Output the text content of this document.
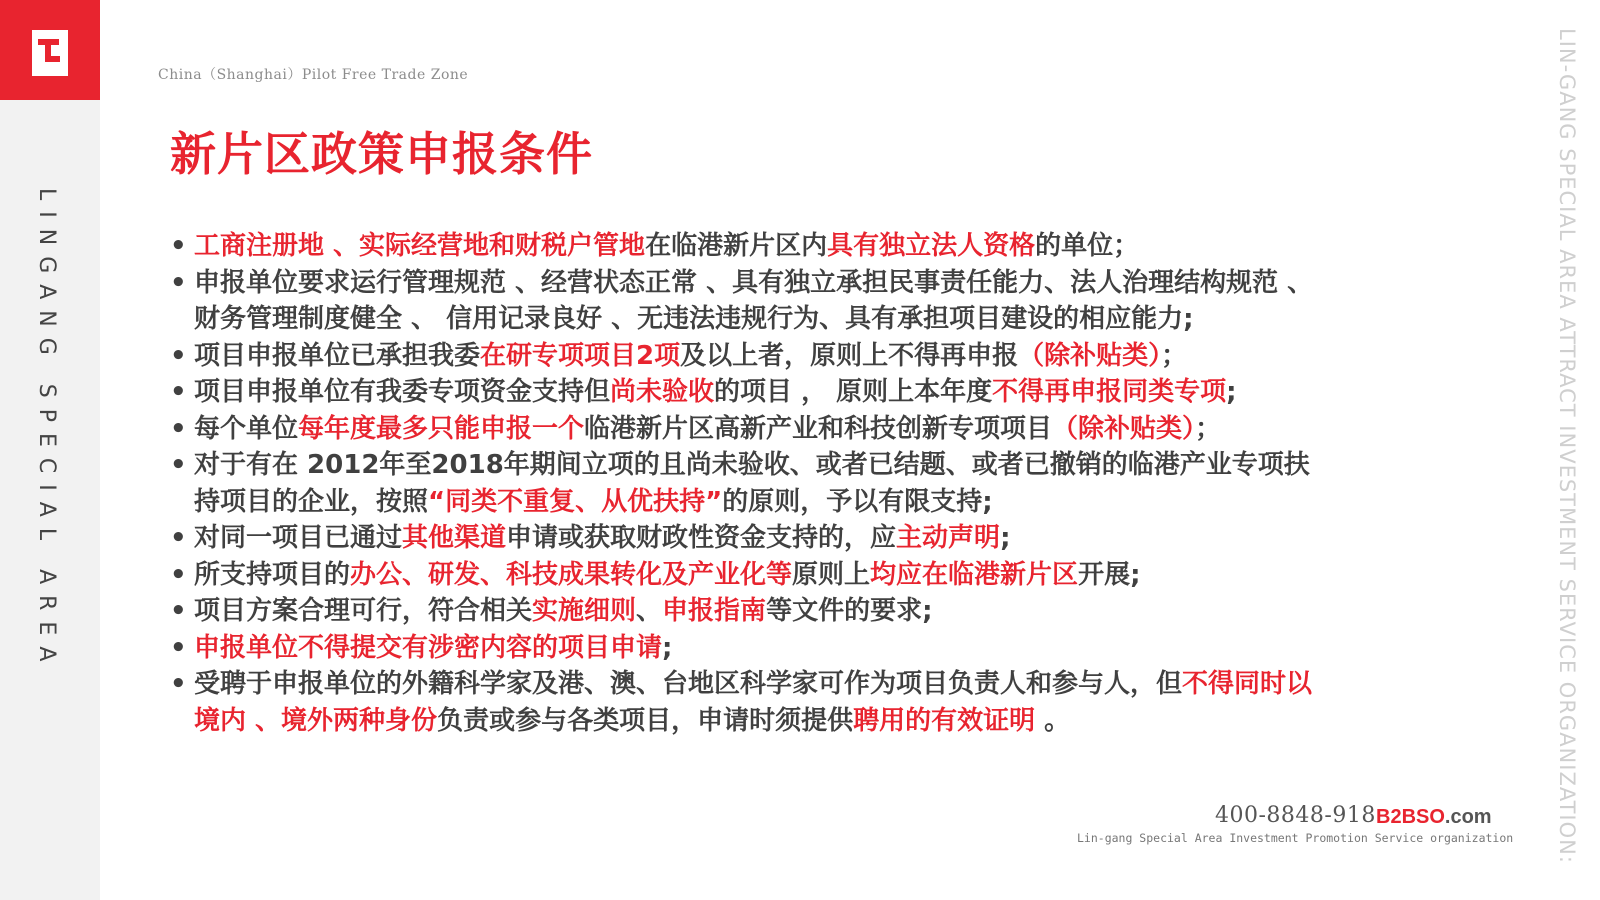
LINGANG SPECIAL AREA	LIN-GANG SPECIAL AREA ATTRACT INVESTMENT SERVICE ORGANIZATION:
China（Shanghai）Pilot Free Trade Zone
新片区政策申报条件
• 工商注册地 、实际经营地和财税户管地在临港新片区内具有独立法人资格的单位；
• 申报单位要求运行管理规范 、经营状态正常 、具有独立承担民事责任能力、法人治理结构规范 、
财务管理制度健全 、 信用记录良好 、无违法违规行为、具有承担项目建设的相应能力;
• 项目申报单位已承担我委在研专项项目2项及以上者，原则上不得再申报（除补贴类）；
• 项目申报单位有我委专项资金支持但尚未验收的项目 ， 原则上本年度不得再申报同类专项;
• 每个单位每年度最多只能申报一个临港新片区高新产业和科技创新专项项目（除补贴类）；
• 对于有在 2012年至2018年期间立项的且尚未验收、或者已结题、或者已撤销的临港产业专项扶
持项目的企业，按照“同类不重复、从优扶持”的原则，予以有限支持;
• 对同一项目已通过其他渠道申请或获取财政性资金支持的，应主动声明;
• 所支持项目的办公、研发、科技成果转化及产业化等原则上均应在临港新片区开展;
• 项目方案合理可行，符合相关实施细则、申报指南等文件的要求;
• 申报单位不得提交有涉密内容的项目申请;
• 受聘于申报单位的外籍科学家及港、澳、台地区科学家可作为项目负责人和参与人，但不得同时以
境内 、境外两种身份负责或参与各类项目，申请时须提供聘用的有效证明 。
400-8848-918 B2BSO.com
Lin-gang Special Area Investment Promotion Service organization
